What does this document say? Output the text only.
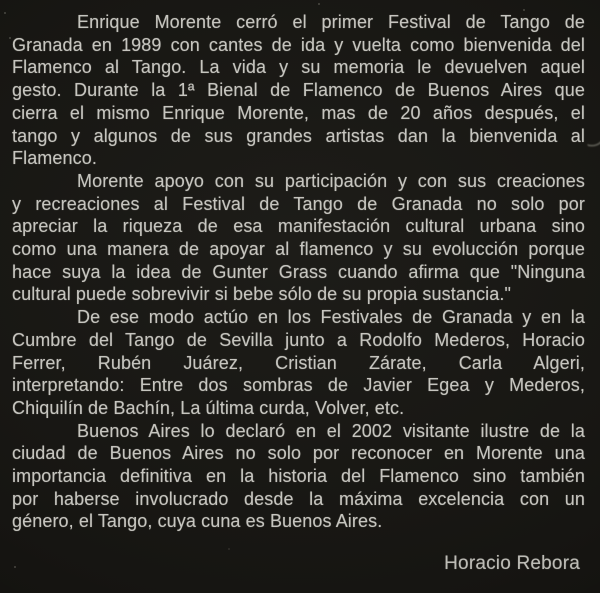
Enrique Morente cerró el primer Festival de Tango de
Granada en 1989 con cantes de ida y vuelta como bienvenida del
Flamenco al Tango. La vida y su memoria le devuelven aquel
gesto. Durante la 1ª Bienal de Flamenco de Buenos Aires que
cierra el mismo Enrique Morente, mas de 20 años después, el
tango y algunos de sus grandes artistas dan la bienvenida al
Flamenco.
Morente apoyo con su participación y con sus creaciones
y recreaciones al Festival de Tango de Granada no solo por
apreciar la riqueza de esa manifestación cultural urbana sino
como una manera de apoyar al flamenco y su evolucción porque
hace suya la idea de Gunter Grass cuando afirma que "Ninguna
cultural puede sobrevivir si bebe sólo de su propia sustancia."
De ese modo actúo en los Festivales de Granada y en la
Cumbre del Tango de Sevilla junto a Rodolfo Mederos, Horacio
Ferrer, Rubén Juárez, Cristian Zárate, Carla Algeri,
interpretando: Entre dos sombras de Javier Egea y Mederos,
Chiquilín de Bachín, La última curda, Volver, etc.
Buenos Aires lo declaró en el 2002 visitante ilustre de la
ciudad de Buenos Aires no solo por reconocer en Morente una
importancia definitiva en la historia del Flamenco sino también
por haberse involucrado desde la máxima excelencia con un
género, el Tango, cuya cuna es Buenos Aires.
Horacio Rebora
